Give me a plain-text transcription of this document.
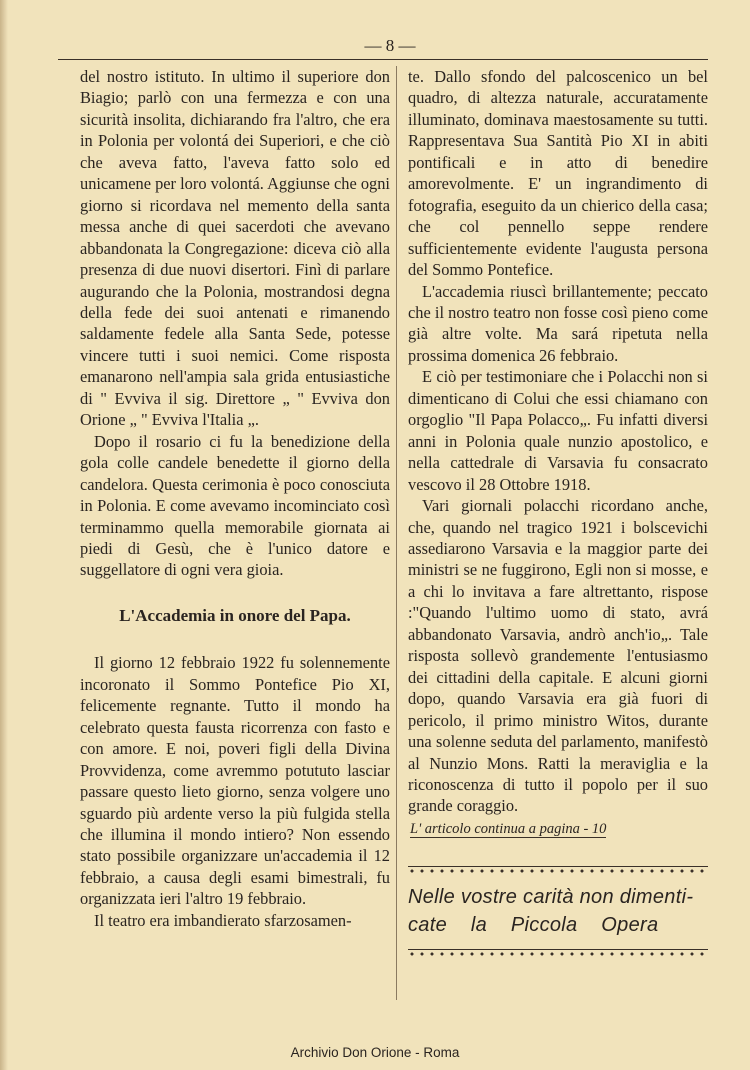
— 8 —

del nostro istituto. In ultimo il superiore don Biagio; parlò con una fermezza e con una sicurità insolita, dichiarando fra l'altro, che era in Polonia per volontá dei Superiori, e che ciò che aveva fatto, l'aveva fatto solo ed unicamene per loro volontá. Aggiunse che ogni giorno si ricordava nel memento della santa messa anche di quei sacerdoti che avevano abbandonata la Congregazione: diceva ciò alla presenza di due nuovi disertori. Finì di parlare augurando che la Polonia, mostrandosi degna della fede dei suoi antenati e rimanendo saldamente fedele alla Santa Sede, potesse vincere tutti i suoi nemici. Come risposta emanarono nell'ampia sala grida entusiastiche di " Evviva il sig. Direttore „ " Evviva don Orione „ " Evviva l'Italia „.

Dopo il rosario ci fu la benedizione della gola colle candele benedette il giorno della candelora. Questa cerimonia è poco conosciuta in Polonia. E come avevamo incominciato così terminammo quella memorabile giornata ai piedi di Gesù, che è l'unico datore e suggellatore di ogni vera gioia.

L'Accademia in onore del Papa.

Il giorno 12 febbraio 1922 fu solennemente incoronato il Sommo Pontefice Pio XI, felicemente regnante. Tutto il mondo ha celebrato questa fausta ricorrenza con fasto e con amore. E noi, poveri figli della Divina Provvidenza, come avremmo potututo lasciar passare questo lieto giorno, senza volgere uno sguardo più ardente verso la più fulgida stella che illumina il mondo intiero? Non essendo stato possibile organizzare un'accademia il 12 febbraio, a causa degli esami bimestrali, fu organizzata ieri l'altro 19 febbraio.

Il teatro era imbandierato sfarzosamen-

te. Dallo sfondo del palcoscenico un bel quadro, di altezza naturale, accuratamente illuminato, dominava maestosamente su tutti. Rappresentava Sua Santità Pio XI in abiti pontificali e in atto di benedire amorevolmente. E' un ingrandimento di fotografia, eseguito da un chierico della casa; che col pennello seppe rendere sufficientemente evidente l'augusta persona del Sommo Pontefice.

L'accademia riuscì brillantemente; peccato che il nostro teatro non fosse così pieno come già altre volte. Ma sará ripetuta nella prossima domenica 26 febbraio.

E ciò per testimoniare che i Polacchi non si dimenticano di Colui che essi chiamano con orgoglio "Il Papa Polacco„. Fu infatti diversi anni in Polonia quale nunzio apostolico, e nella cattedrale di Varsavia fu consacrato vescovo il 28 Ottobre 1918.

Vari giornali polacchi ricordano anche, che, quando nel tragico 1921 i bolscevichi assediarono Varsavia e la maggior parte dei ministri se ne fuggirono, Egli non si mosse, e a chi lo invitava a fare altrettanto, rispose :"Quando l'ultimo uomo di stato, avrá abbandonato Varsavia, andrò anch'io„. Tale risposta sollevò grandemente l'entusiasmo dei cittadini della capitale. E alcuni giorni dopo, quando Varsavia era già fuori di pericolo, il primo ministro Witos, durante una solenne seduta del parlamento, manifestò al Nunzio Mons. Ratti la meraviglia e la riconoscenza di tutto il popolo per il suo grande coraggio.

L' articolo continua a pagina - 10

Nelle vostre carità non dimenti-
cate la Piccola Opera

Archivio Don Orione - Roma
